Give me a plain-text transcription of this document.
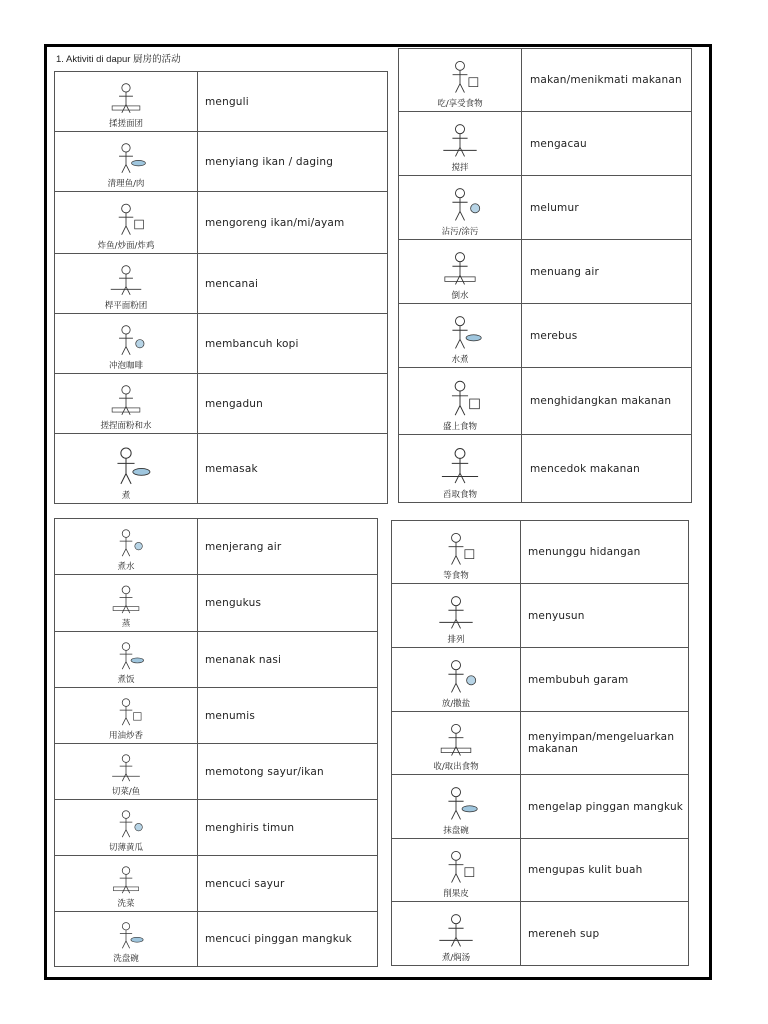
1. Aktiviti di dapur 厨房的活动
揉搓面团
menguli
清理鱼/肉
menyiang ikan / daging
炸鱼/炒面/炸鸡
mengoreng ikan/mi/ayam
桿平面粉团
mencanai
冲泡咖啡
membancuh kopi
搓捏面粉和水
mengadun
煮
memasak
吃/享受食物
makan/menikmati makanan
搅拌
mengacau
沾污/涂污
melumur
倒水
menuang air
水煮
merebus
盛上食物
menghidangkan makanan
舀取食物
mencedok makanan
煮水
menjerang air
蒸
mengukus
煮饭
menanak nasi
用油炒香
menumis
切菜/鱼
memotong sayur/ikan
切薄黄瓜
menghiris timun
洗菜
mencuci sayur
洗盘碗
mencuci pinggan mangkuk
等食物
menunggu hidangan
排列
menyusun
放/撒盐
membubuh garam
收/取出食物
menyimpan/mengeluarkan makanan
抹盘碗
mengelap pinggan mangkuk
削果皮
mengupas kulit buah
煮/焖汤
mereneh sup
